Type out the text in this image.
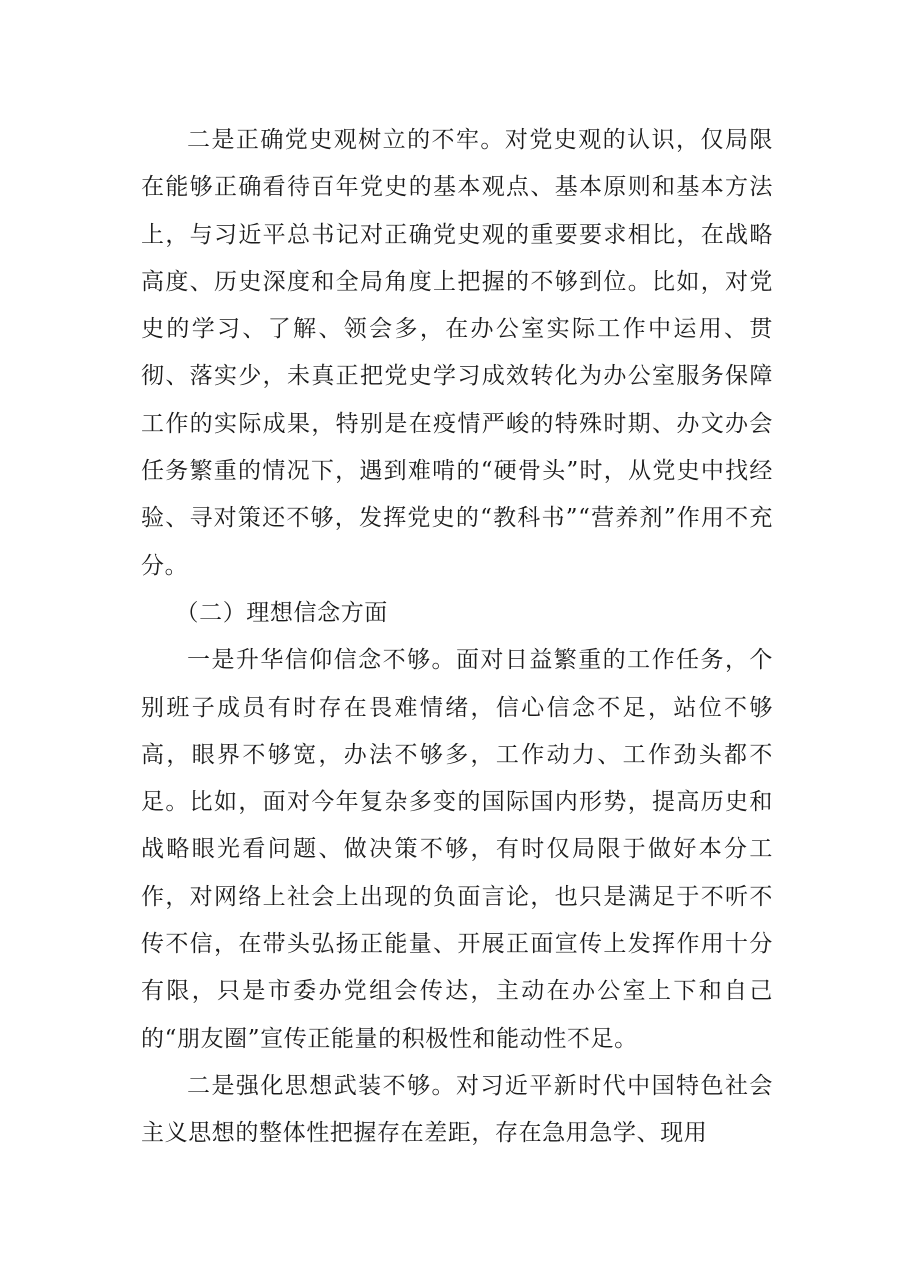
二是正确党史观树立的不牢。对党史观的认识，仅局限在能够正确看待百年党史的基本观点、基本原则和基本方法上，与习近平总书记对正确党史观的重要要求相比，在战略高度、历史深度和全局角度上把握的不够到位。比如，对党史的学习、了解、领会多，在办公室实际工作中运用、贯彻、落实少，未真正把党史学习成效转化为办公室服务保障工作的实际成果，特别是在疫情严峻的特殊时期、办文办会任务繁重的情况下，遇到难啃的“硬骨头”时，从党史中找经验、寻对策还不够，发挥党史的“教科书”“营养剂”作用不充分。

（二）理想信念方面

一是升华信仰信念不够。面对日益繁重的工作任务，个别班子成员有时存在畏难情绪，信心信念不足，站位不够高，眼界不够宽，办法不够多，工作动力、工作劲头都不足。比如，面对今年复杂多变的国际国内形势，提高历史和战略眼光看问题、做决策不够，有时仅局限于做好本分工作，对网络上社会上出现的负面言论，也只是满足于不听不传不信，在带头弘扬正能量、开展正面宣传上发挥作用十分有限，只是市委办党组会传达，主动在办公室上下和自己的“朋友圈”宣传正能量的积极性和能动性不足。

二是强化思想武装不够。对习近平新时代中国特色社会主义思想的整体性把握存在差距，存在急用急学、现用
